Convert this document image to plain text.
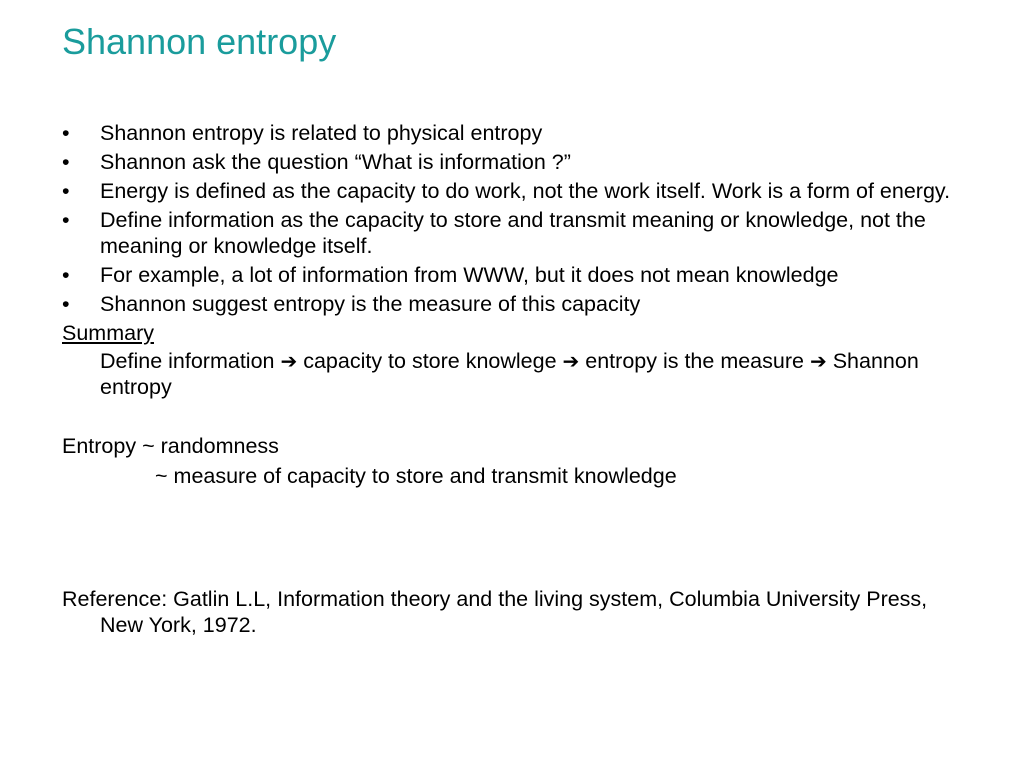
Shannon entropy
• Shannon entropy is related to physical entropy
• Shannon ask the question “What is information ?”
• Energy is defined as the capacity to do work, not the work itself. Work is a form of energy.
• Define information as the capacity to store and transmit meaning or knowledge, not the meaning or knowledge itself.
• For example, a lot of information from WWW, but it does not mean knowledge
• Shannon suggest entropy is the measure of this capacity
Summary
Define information ➔ capacity to store knowlege ➔ entropy is the measure ➔ Shannon entropy
Entropy ~ randomness
~ measure of capacity to store and transmit knowledge
Reference: Gatlin L.L, Information theory and the living system, Columbia University Press, New York, 1972.
